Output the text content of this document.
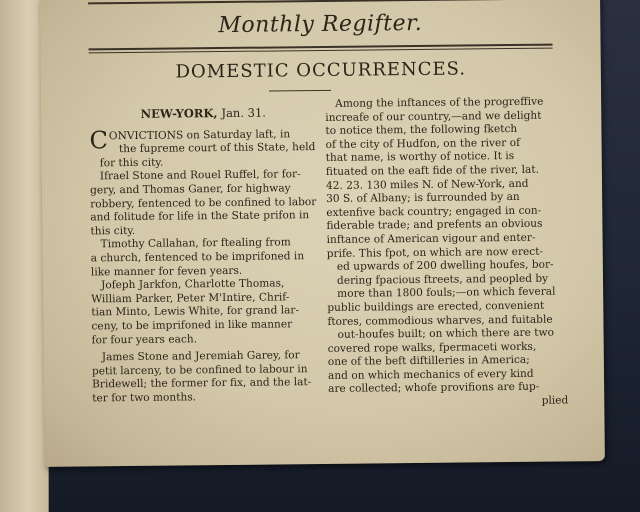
Monthly Regifter.
DOMESTIC OCCURRENCES.

NEW-YORK, Jan. 31.

CONVICTIONS on Saturday laft, in

the fupreme court of this State, held

for this city.

Ifrael Stone and Rouel Ruffel, for for-

gery, and Thomas Ganer, for highway

robbery, fentenced to be confined to labor

and folitude for life in the State prifon in

this city.

Timothy Callahan, for ftealing from

a church, fentenced to be imprifoned in

like manner for feven years.

Jofeph Jarkfon, Charlotte Thomas,

William Parker, Peter M'Intire, Chrif-

tian Minto, Lewis White, for grand lar-

ceny, to be imprifoned in like manner

for four years each.

James Stone and Jeremiah Garey, for

petit larceny, to be confined to labour in

Bridewell; the former for fix, and the lat-

ter for two months.

Among the inftances of the progreffive

increafe of our country,—and we delight

to notice them, the following fketch

of the city of Hudfon, on the river of

that name, is worthy of notice. It is

fituated on the eaft fide of the river, lat.

42. 23. 130 miles N. of New-York, and

30 S. of Albany; is furrounded by an

extenfive back country; engaged in con-

fiderable trade; and prefents an obvious

inftance of American vigour and enter-

prife. This fpot, on which are now erect-

ed upwards of 200 dwelling houfes, bor-

dering fpacious ftreets, and peopled by

more than 1800 fouls;—on which feveral

public buildings are erected, convenient

ftores, commodious wharves, and fuitable

out-houfes built; on which there are two

covered rope walks, fpermaceti works,

one of the beft diftilleries in America;

and on which mechanics of every kind

are collected; whofe provifions are fup-

plied
